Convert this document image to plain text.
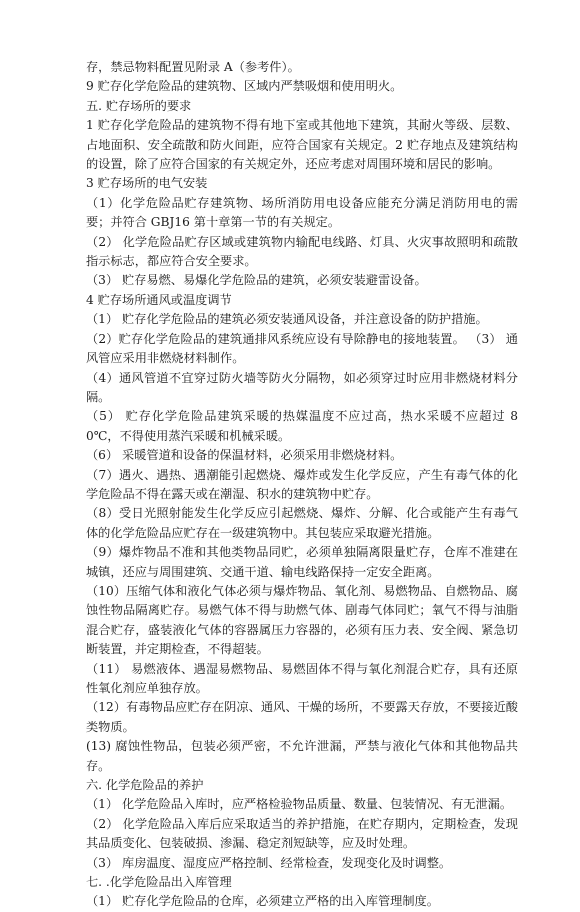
存，禁忌物料配置见附录 A（参考件）。

9 贮存化学危险品的建筑物、区域内严禁吸烟和使用明火。

五. 贮存场所的要求

1 贮存化学危险品的建筑物不得有地下室或其他地下建筑，其耐火等级、层数、占地面积、安全疏散和防火间距，应符合国家有关规定。2 贮存地点及建筑结构的设置，除了应符合国家的有关规定外，还应考虑对周围环境和居民的影响。

3 贮存场所的电气安装

（1）化学危险品贮存建筑物、场所消防用电设备应能充分满足消防用电的需要；并符合 GBJ16 第十章第一节的有关规定。

（2） 化学危险品贮存区域或建筑物内输配电线路、灯具、火灾事故照明和疏散指示标志，都应符合安全要求。

（3） 贮存易燃、易爆化学危险品的建筑，必须安装避雷设备。

4 贮存场所通风或温度调节

（1） 贮存化学危险品的建筑必须安装通风设备，并注意设备的防护措施。

（2）贮存化学危险品的建筑通排风系统应设有导除静电的接地装置。 （3） 通风管应采用非燃烧材料制作。

（4）通风管道不宜穿过防火墙等防火分隔物，如必须穿过时应用非燃烧材料分隔。

（5） 贮存化学危险品建筑采暖的热媒温度不应过高，热水采暖不应超过 80℃，不得使用蒸汽采暖和机械采暖。

（6） 采暖管道和设备的保温材料，必须采用非燃烧材料。

（7）遇火、遇热、遇潮能引起燃烧、爆炸或发生化学反应，产生有毒气体的化学危险品不得在露天或在潮湿、积水的建筑物中贮存。

（8）受日光照射能发生化学反应引起燃烧、爆炸、分解、化合或能产生有毒气体的化学危险品应贮存在一级建筑物中。其包装应采取避光措施。

（9）爆炸物品不准和其他类物品同贮，必须单独隔离限量贮存，仓库不准建在城镇，还应与周围建筑、交通干道、输电线路保持一定安全距离。

（10）压缩气体和液化气体必须与爆炸物品、氧化剂、易燃物品、自燃物品、腐蚀性物品隔离贮存。易燃气体不得与助燃气体、剧毒气体同贮；氧气不得与油脂混合贮存，盛装液化气体的容器属压力容器的，必须有压力表、安全阀、紧急切断装置，并定期检查，不得超装。

（11） 易燃液体、遇湿易燃物品、易燃固体不得与氧化剂混合贮存，具有还原性氧化剂应单独存放。

（12）有毒物品应贮存在阴凉、通风、干燥的场所，不要露天存放，不要接近酸类物质。

(13) 腐蚀性物品，包装必须严密，不允许泄漏，严禁与液化气体和其他物品共存。

六. 化学危险品的养护

（1） 化学危险品入库时，应严格检验物品质量、数量、包装情况、有无泄漏。

（2） 化学危险品入库后应采取适当的养护措施，在贮存期内，定期检查，发现其品质变化、包装破损、渗漏、稳定剂短缺等，应及时处理。

（3） 库房温度、湿度应严格控制、经常检查，发现变化及时调整。

七. .化学危险品出入库管理

（1） 贮存化学危险品的仓库，必须建立严格的出入库管理制度。
